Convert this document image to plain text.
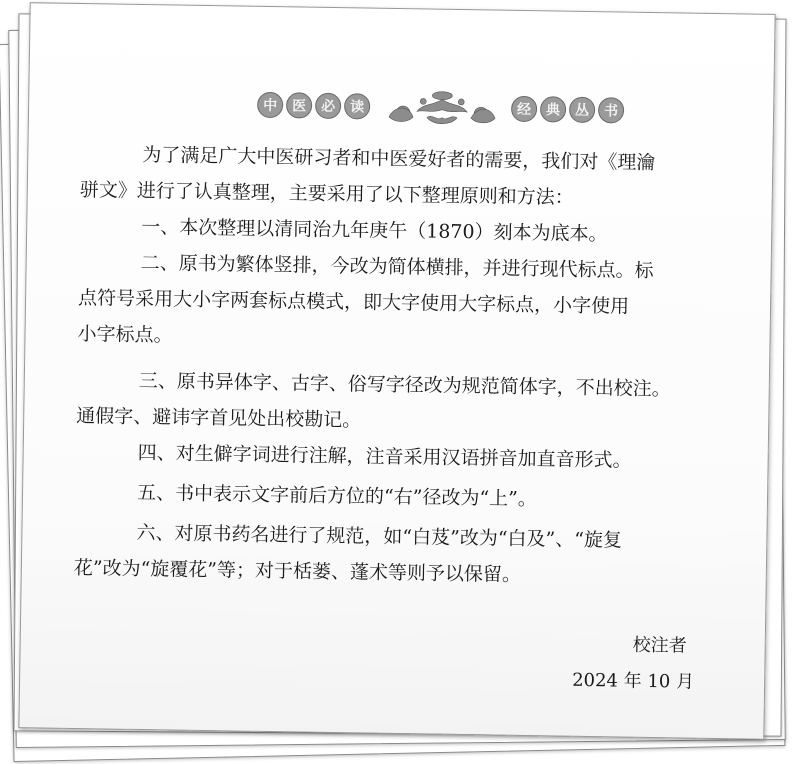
中	医	必	读	经	典	丛	书

　　为了满足广大中医研习者和中医爱好者的需要，我们对《理瀹

骈文》进行了认真整理，主要采用了以下整理原则和方法：

　　一、本次整理以清同治九年庚午（1870）刻本为底本。

　　二、原书为繁体竖排，今改为简体横排，并进行现代标点。标

点符号采用大小字两套标点模式，即大字使用大字标点，小字使用

小字标点。

　　三、原书异体字、古字、俗写字径改为规范简体字，不出校注。

通假字、避讳字首见处出校勘记。

　　四、对生僻字词进行注解，注音采用汉语拼音加直音形式。

　　五、书中表示文字前后方位的“右”径改为“上”。

　　六、对原书药名进行了规范，如“白芨”改为“白及”、“旋复

花”改为“旋覆花”等；对于栝蒌、蓬术等则予以保留。

校注者
2024 年 10 月
